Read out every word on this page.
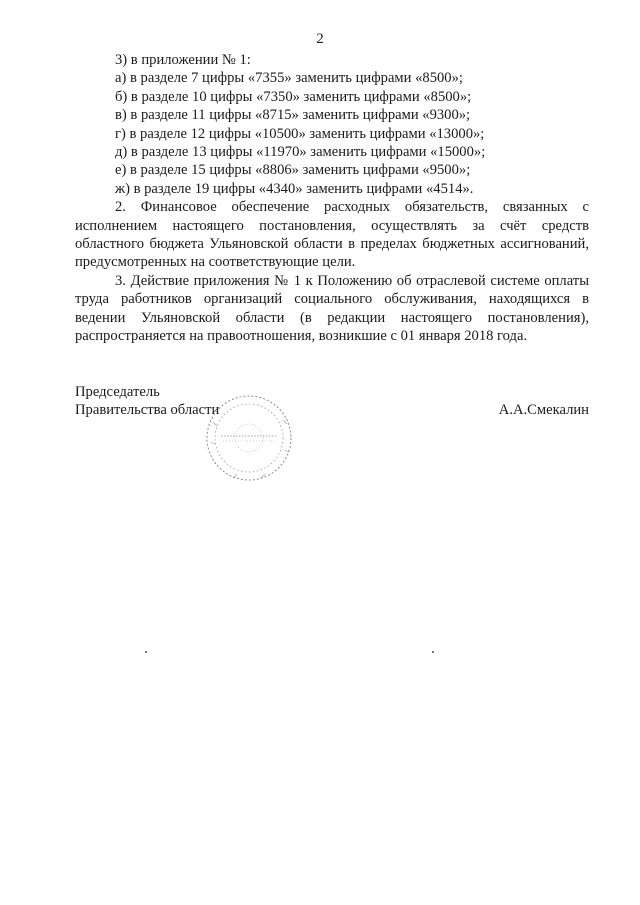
2
3) в приложении № 1:
а) в разделе 7 цифры «7355» заменить цифрами «8500»;
б) в разделе 10 цифры «7350» заменить цифрами «8500»;
в) в разделе 11 цифры «8715» заменить цифрами «9300»;
г) в разделе 12 цифры «10500» заменить цифрами «13000»;
д) в разделе 13 цифры «11970» заменить цифрами «15000»;
е) в разделе 15 цифры «8806» заменить цифрами «9500»;
ж) в разделе 19 цифры «4340» заменить цифрами «4514».

2. Финансовое обеспечение расходных обязательств, связанных с исполнением настоящего постановления, осуществлять за счёт средств областного бюджета Ульяновской области в пределах бюджетных ассигнований, предусмотренных на соответствующие цели.

3. Действие приложения № 1 к Положению об отраслевой системе оплаты труда работников организаций социального обслуживания, находящихся в ведении Ульяновской области (в редакции настоящего постановления), распространяется на правоотношения, возникшие с 01 января 2018 года.

Председатель
Правительства области	А.А.Смекалин
